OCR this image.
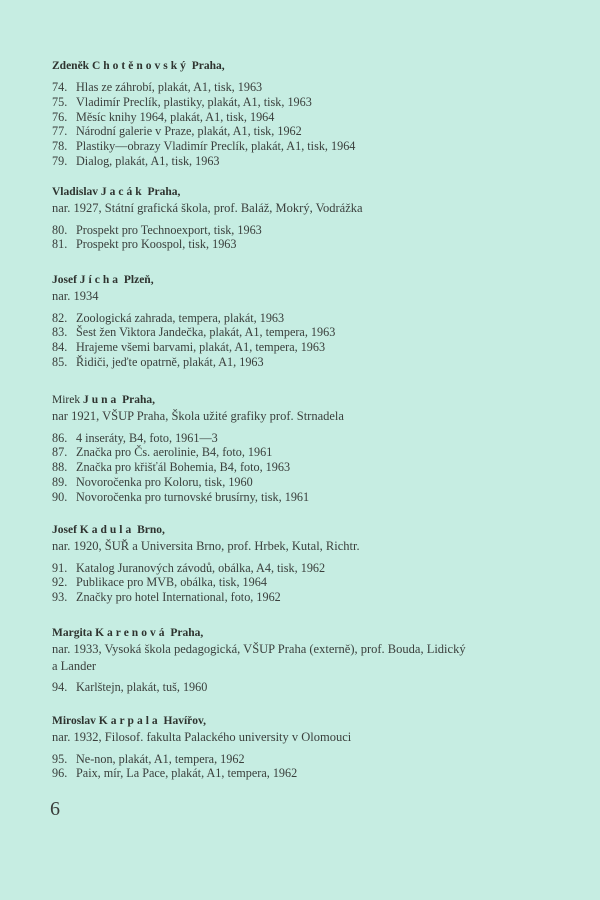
Zdeněk Chotěnovský Praha,
74. Hlas ze záhrobí, plakát, A1, tisk, 1963
75. Vladimír Preclík, plastiky, plakát, A1, tisk, 1963
76. Měsíc knihy 1964, plakát, A1, tisk, 1964
77. Národní galerie v Praze, plakát, A1, tisk, 1962
78. Plastiky—obrazy Vladimír Preclík, plakát, A1, tisk, 1964
79. Dialog, plakát, A1, tisk, 1963
Vladislav Jacák Praha,
nar. 1927, Státní grafická škola, prof. Baláž, Mokrý, Vodrážka
80. Prospekt pro Technoexport, tisk, 1963
81. Prospekt pro Koospol, tisk, 1963
Josef Jícha Plzeň,
nar. 1934
82. Zoologická zahrada, tempera, plakát, 1963
83. Šest žen Viktora Jandečka, plakát, A1, tempera, 1963
84. Hrajeme všemi barvami, plakát, A1, tempera, 1963
85. Řidiči, jeďte opatrně, plakát, A1, 1963
Mirek Juna Praha,
nar 1921, VŠUP Praha, Škola užité grafiky prof. Strnadela
86. 4 inseráty, B4, foto, 1961—3
87. Značka pro Čs. aerolinie, B4, foto, 1961
88. Značka pro křišťál Bohemia, B4, foto, 1963
89. Novoročenka pro Koloru, tisk, 1960
90. Novoročenka pro turnovské brusírny, tisk, 1961
Josef Kadula Brno,
nar. 1920, ŠUŘ a Universita Brno, prof. Hrbek, Kutal, Richtr.
91. Katalog Juranových závodů, obálka, A4, tisk, 1962
92. Publikace pro MVB, obálka, tisk, 1964
93. Značky pro hotel International, foto, 1962
Margita Karenová Praha,
nar. 1933, Vysoká škola pedagogická, VŠUP Praha (externě), prof. Bouda, Lidický
a Lander
94. Karlštejn, plakát, tuš, 1960
Miroslav Karpala Havířov,
nar. 1932, Filosof. fakulta Palackého university v Olomouci
95. Ne-non, plakát, A1, tempera, 1962
96. Paix, mír, La Pace, plakát, A1, tempera, 1962
6
